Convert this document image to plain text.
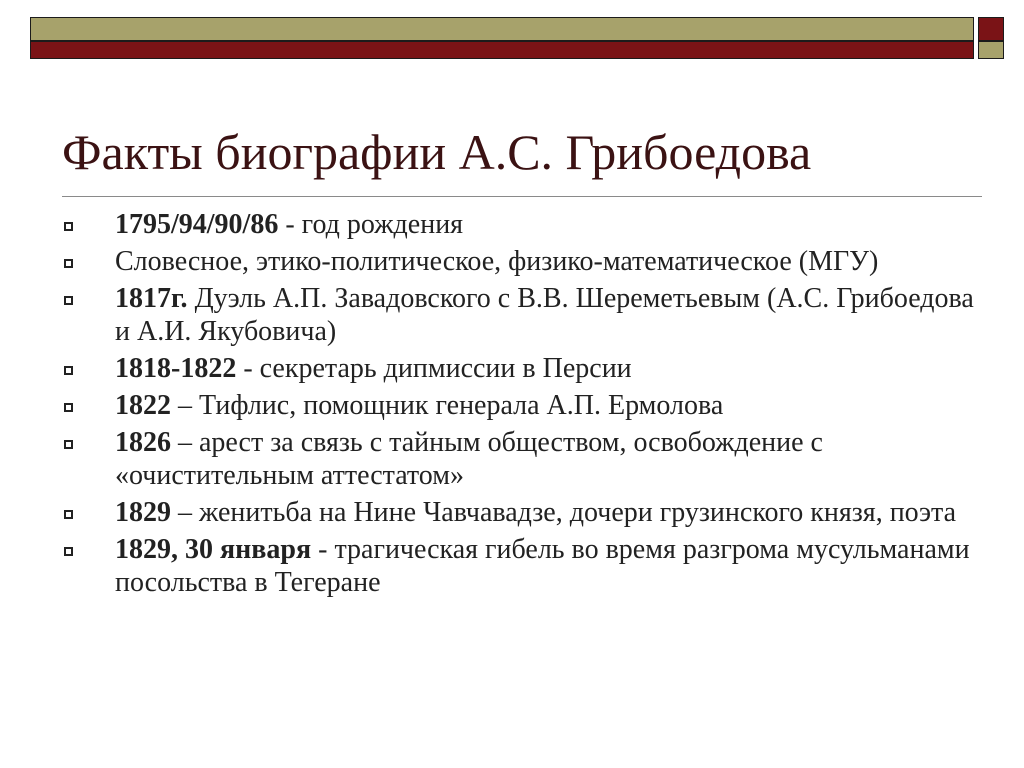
Факты биографии А.С. Грибоедова
1795/94/90/86 - год рождения
Словесное, этико-политическое, физико-математическое (МГУ)
1817г. Дуэль А.П. Завадовского с В.В. Шереметьевым (А.С. Грибоедова и А.И. Якубовича)
1818-1822 - секретарь дипмиссии в Персии
1822 – Тифлис, помощник генерала А.П. Ермолова
1826 – арест за связь с тайным обществом, освобождение с «очистительным аттестатом»
1829 – женитьба на Нине Чавчавадзе, дочери грузинского князя, поэта
1829, 30 января - трагическая гибель во время разгрома мусульманами посольства в Тегеране
